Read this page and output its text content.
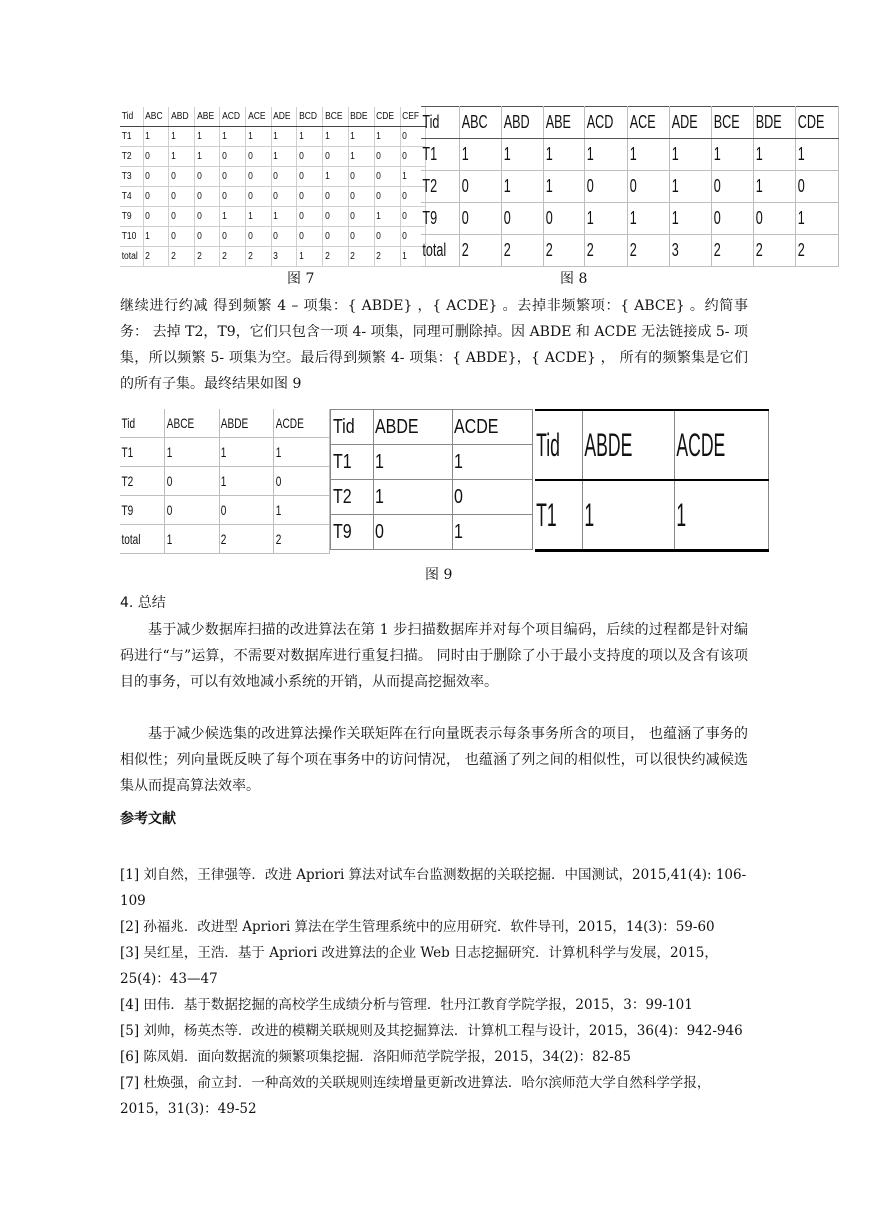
Tid	ABC	ABD	ABE	ACD	ACE	ADE	BCD	BCE	BDE	CDE	CEF
T1	1	1	1	1	1	1	1	1	1	1	0
T2	0	1	1	0	0	1	0	0	1	0	0
T3	0	0	0	0	0	0	0	1	0	0	1
T4	0	0	0	0	0	0	0	0	0	0	0
T9	0	0	0	1	1	1	0	0	0	1	0
T10	1	0	0	0	0	0	0	0	0	0	0
total	2	2	2	2	2	3	1	2	2	2	1
图 7
Tid	ABC	ABD	ABE	ACD	ACE	ADE	BCE	BDE	CDE
T1	1	1	1	1	1	1	1	1	1
T2	0	1	1	0	0	1	0	1	0
T9	0	0	0	1	1	1	0	0	1
total	2	2	2	2	2	3	2	2	2
图 8
继续进行约减 得到频繁 4 – 项集：{ ABDE} ，{ ACDE} 。去掉非频繁项：{ ABCE} 。约简事务： 去掉 T2，T9，它们只包含一项 4- 项集，同理可删除掉。因 ABDE 和 ACDE 无法链接成 5- 项集，所以频繁 5- 项集为空。最后得到频繁 4- 项集：{ ABDE}，{ ACDE} ， 所有的频繁集是它们的所有子集。最终结果如图 9
Tid	ABCE	ABDE	ACDE
T1	1	1	1
T2	0	1	0
T9	0	0	1
total	1	2	2
Tid	ABDE	ACDE
T1	1	1
T2	1	0
T9	0	1
Tid	ABDE	ACDE
T1	1	1
图 9
4. 总结
基于减少数据库扫描的改进算法在第 1 步扫描数据库并对每个项目编码，后续的过程都是针对编码进行“与”运算，不需要对数据库进行重复扫描。 同时由于删除了小于最小支持度的项以及含有该项目的事务，可以有效地减小系统的开销，从而提高挖掘效率。
基于减少候选集的改进算法操作关联矩阵在行向量既表示每条事务所含的项目， 也蕴涵了事务的相似性；列向量既反映了每个项在事务中的访问情况， 也蕴涵了列之间的相似性，可以很快约减候选集从而提高算法效率。
参考文献
[1] 刘自然，王律强等．改进 Apriori 算法对试车台监测数据的关联挖掘．中国测试，2015,41(4): 106-109
[2] 孙福兆．改进型 Apriori 算法在学生管理系统中的应用研究．软件导刊，2015，14(3)：59-60
[3] 吴红星，王浩．基于 Apriori 改进算法的企业 Web 日志挖掘研究．计算机科学与发展，2015，25(4)：43—47
[4] 田伟．基于数据挖掘的高校学生成绩分析与管理．牡丹江教育学院学报，2015，3：99-101
[5] 刘帅，杨英杰等．改进的模糊关联规则及其挖掘算法．计算机工程与设计，2015，36(4)：942-946
[6] 陈凤娟．面向数据流的频繁项集挖掘．洛阳师范学院学报，2015，34(2)：82-85
[7] 杜焕强，俞立封．一种高效的关联规则连续增量更新改进算法．哈尔滨师范大学自然科学学报，2015，31(3)：49-52
